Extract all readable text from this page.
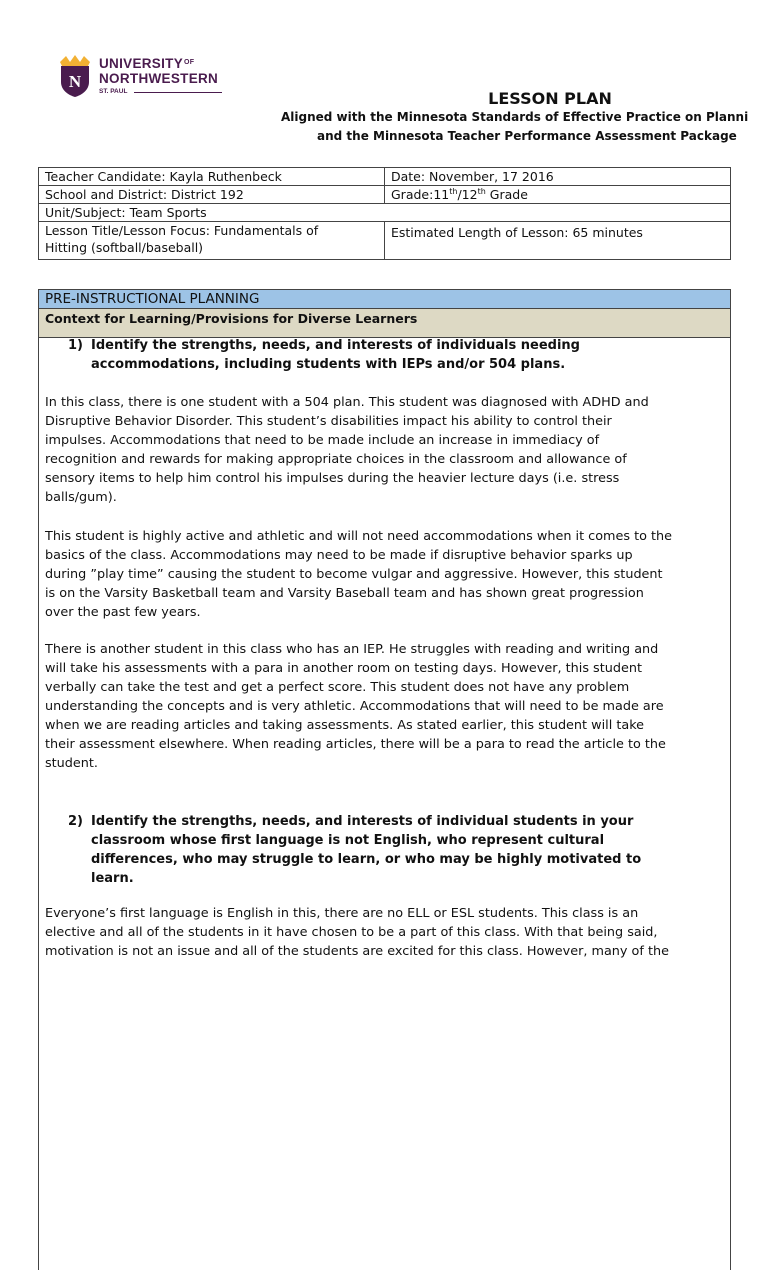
N
$UNIVERSITY^{OF}$
NORTHWESTERN
ST. PAUL	LESSON PLAN
Aligned with the Minnesota Standards of Effective Practice on Planni
and the Minnesota Teacher Performance Assessment Package
Teacher Candidate: Kayla Ruthenbeck	Date: November, 17 2016
School and District: District 192	Grade:11th/12th Grade
Unit/Subject: Team Sports	

Lesson Title/Lesson Focus: Fundamentals of
Hitting (softball/baseball)	Estimated Length of Lesson: 65 minutes
PRE-INSTRUCTIONAL PLANNING
Context for Learning/Provisions for Diverse Learners
1) Identify the strengths, needs, and interests of individuals needing
accommodations, including students with IEPs and/or 504 plans.
In this class, there is one student with a 504 plan. This student was diagnosed with ADHD and
Disruptive Behavior Disorder. This student’s disabilities impact his ability to control their
impulses. Accommodations that need to be made include an increase in immediacy of
recognition and rewards for making appropriate choices in the classroom and allowance of
sensory items to help him control his impulses during the heavier lecture days (i.e. stress
balls/gum).
This student is highly active and athletic and will not need accommodations when it comes to the
basics of the class. Accommodations may need to be made if disruptive behavior sparks up
during ”play time” causing the student to become vulgar and aggressive. However, this student
is on the Varsity Basketball team and Varsity Baseball team and has shown great progression
over the past few years.
There is another student in this class who has an IEP. He struggles with reading and writing and
will take his assessments with a para in another room on testing days. However, this student
verbally can take the test and get a perfect score. This student does not have any problem
understanding the concepts and is very athletic. Accommodations that will need to be made are
when we are reading articles and taking assessments. As stated earlier, this student will take
their assessment elsewhere. When reading articles, there will be a para to read the article to the
student.
2) Identify the strengths, needs, and interests of individual students in your
classroom whose first language is not English, who represent cultural
differences, who may struggle to learn, or who may be highly motivated to
learn.
Everyone’s first language is English in this, there are no ELL or ESL students. This class is an
elective and all of the students in it have chosen to be a part of this class. With that being said,
motivation is not an issue and all of the students are excited for this class. However, many of the
